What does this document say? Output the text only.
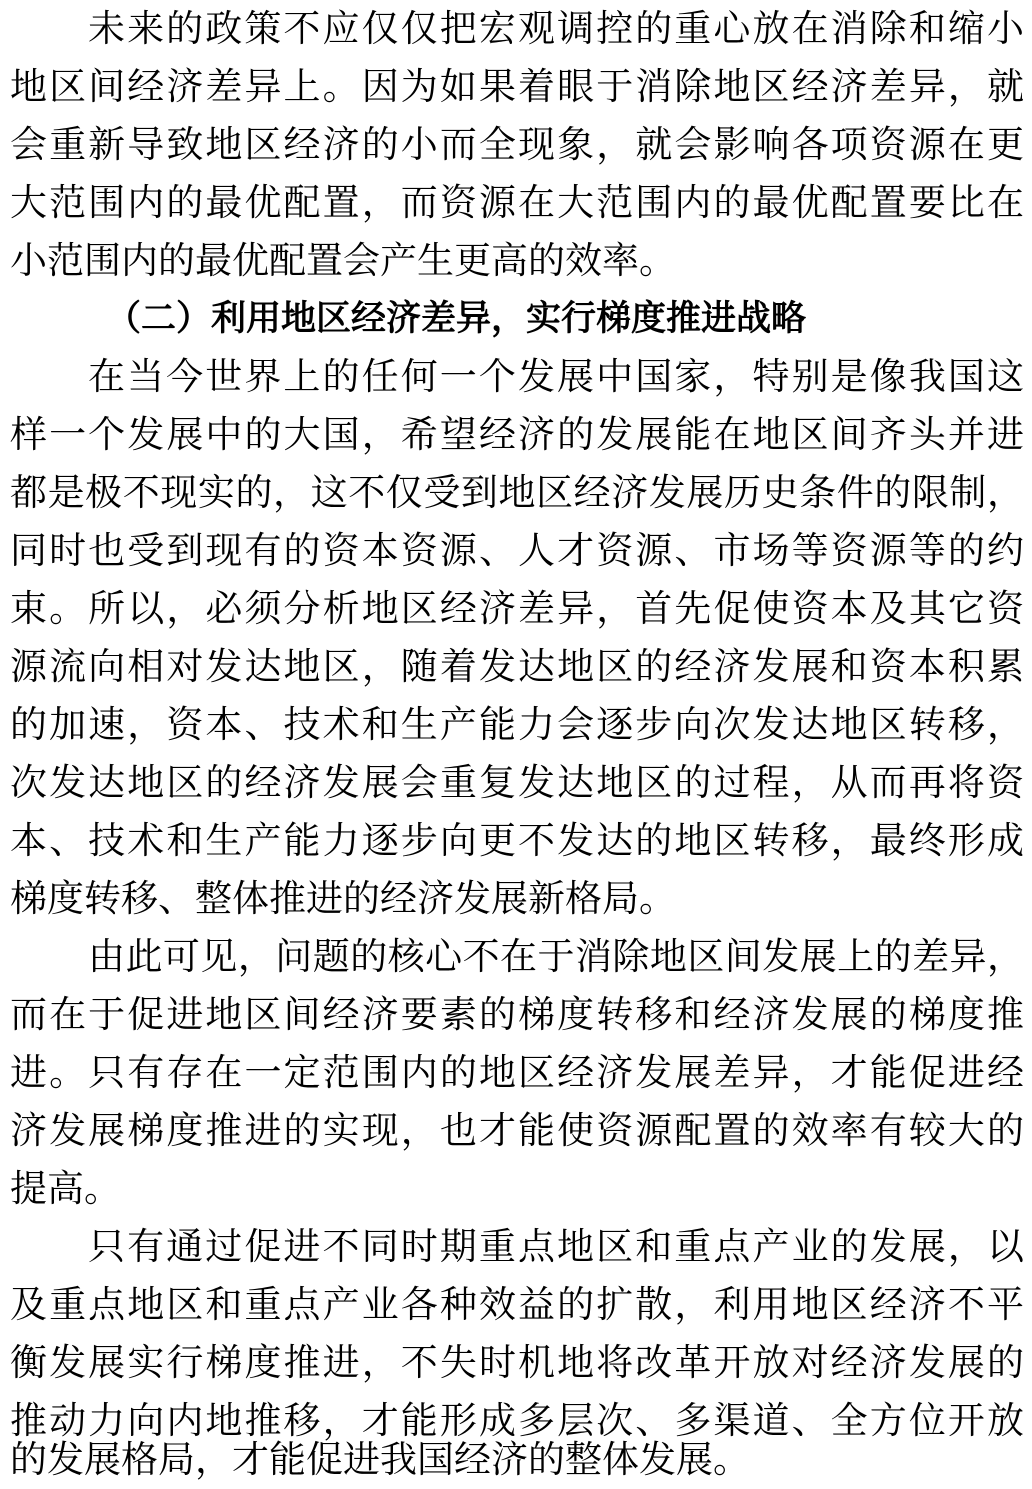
未来的政策不应仅仅把宏观调控的重心放在消除和缩小
地区间经济差异上。因为如果着眼于消除地区经济差异，就
会重新导致地区经济的小而全现象，就会影响各项资源在更
大范围内的最优配置，而资源在大范围内的最优配置要比在
小范围内的最优配置会产生更高的效率。
（二）利用地区经济差异，实行梯度推进战略
在当今世界上的任何一个发展中国家，特别是像我国这
样一个发展中的大国，希望经济的发展能在地区间齐头并进
都是极不现实的，这不仅受到地区经济发展历史条件的限制，
同时也受到现有的资本资源、人才资源、市场等资源等的约
束。所以，必须分析地区经济差异，首先促使资本及其它资
源流向相对发达地区，随着发达地区的经济发展和资本积累
的加速，资本、技术和生产能力会逐步向次发达地区转移，
次发达地区的经济发展会重复发达地区的过程，从而再将资
本、技术和生产能力逐步向更不发达的地区转移，最终形成
梯度转移、整体推进的经济发展新格局。
由此可见，问题的核心不在于消除地区间发展上的差异，
而在于促进地区间经济要素的梯度转移和经济发展的梯度推
进。只有存在一定范围内的地区经济发展差异，才能促进经
济发展梯度推进的实现，也才能使资源配置的效率有较大的
提高。
只有通过促进不同时期重点地区和重点产业的发展，以
及重点地区和重点产业各种效益的扩散，利用地区经济不平
衡发展实行梯度推进，不失时机地将改革开放对经济发展的
推动力向内地推移，才能形成多层次、多渠道、全方位开放
的发展格局，才能促进我国经济的整体发展。
